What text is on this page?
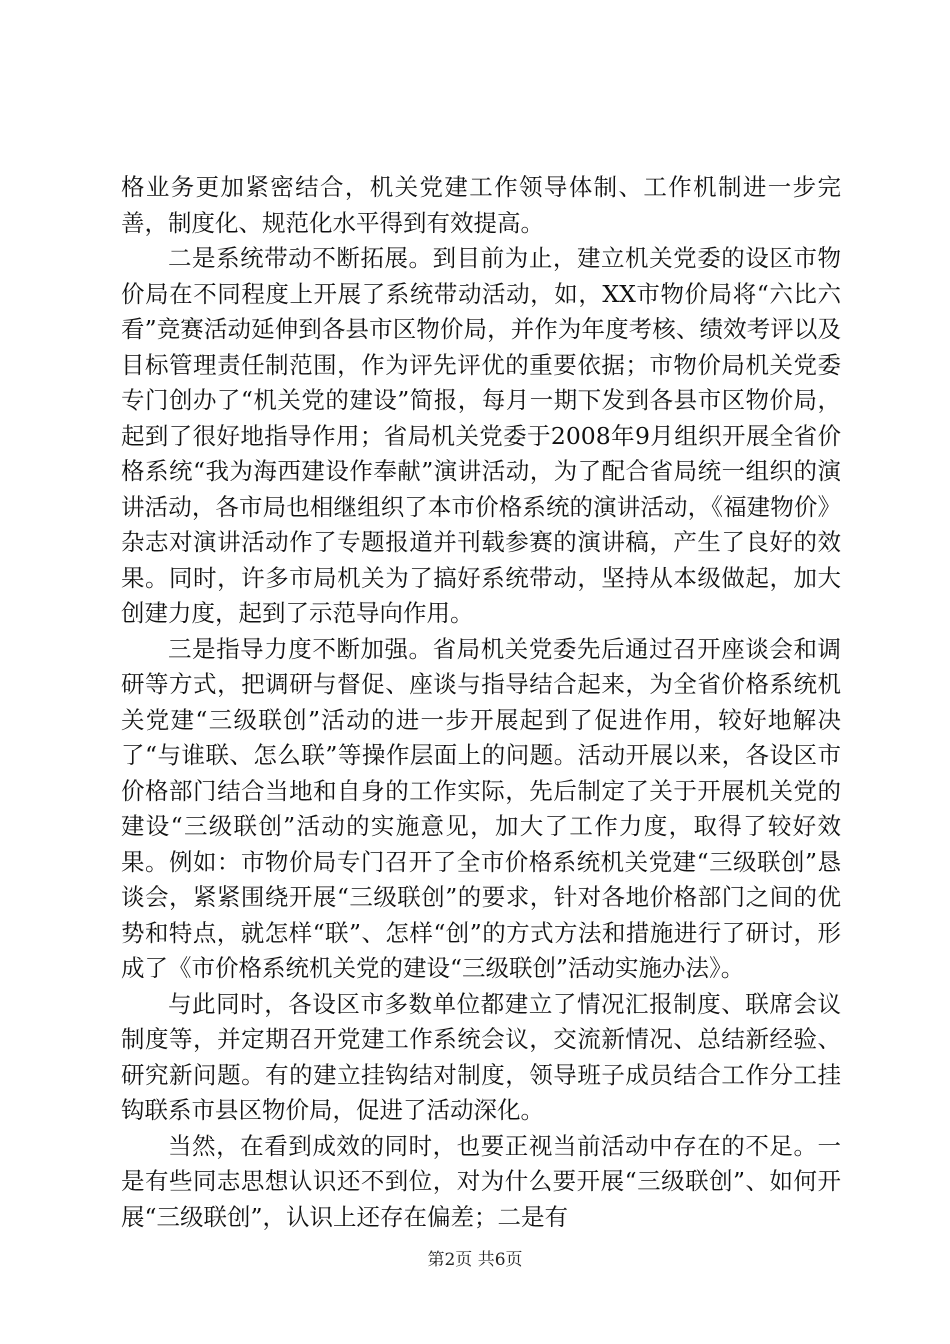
格业务更加紧密结合，机关党建工作领导体制、工作机制进一步完善，制度化、规范化水平得到有效提高。

二是系统带动不断拓展。到目前为止，建立机关党委的设区市物价局在不同程度上开展了系统带动活动，如，XX市物价局将“六比六看”竞赛活动延伸到各县市区物价局，并作为年度考核、绩效考评以及目标管理责任制范围，作为评先评优的重要依据；市物价局机关党委专门创办了“机关党的建设”简报，每月一期下发到各县市区物价局，起到了很好地指导作用；省局机关党委于2008年9月组织开展全省价格系统“我为海西建设作奉献”演讲活动，为了配合省局统一组织的演讲活动，各市局也相继组织了本市价格系统的演讲活动，《福建物价》杂志对演讲活动作了专题报道并刊载参赛的演讲稿，产生了良好的效果。同时，许多市局机关为了搞好系统带动，坚持从本级做起，加大创建力度，起到了示范导向作用。

三是指导力度不断加强。省局机关党委先后通过召开座谈会和调研等方式，把调研与督促、座谈与指导结合起来，为全省价格系统机关党建“三级联创”活动的进一步开展起到了促进作用，较好地解决了“与谁联、怎么联”等操作层面上的问题。活动开展以来，各设区市价格部门结合当地和自身的工作实际，先后制定了关于开展机关党的建设“三级联创”活动的实施意见，加大了工作力度，取得了较好效果。例如：市物价局专门召开了全市价格系统机关党建“三级联创”恳谈会，紧紧围绕开展“三级联创”的要求，针对各地价格部门之间的优势和特点，就怎样“联”、怎样“创”的方式方法和措施进行了研讨，形成了《市价格系统机关党的建设“三级联创”活动实施办法》。

与此同时，各设区市多数单位都建立了情况汇报制度、联席会议制度等，并定期召开党建工作系统会议，交流新情况、总结新经验、研究新问题。有的建立挂钩结对制度，领导班子成员结合工作分工挂钩联系市县区物价局，促进了活动深化。

当然，在看到成效的同时，也要正视当前活动中存在的不足。一是有些同志思想认识还不到位，对为什么要开展“三级联创”、如何开展“三级联创”，认识上还存在偏差；二是有

第2页 共6页
